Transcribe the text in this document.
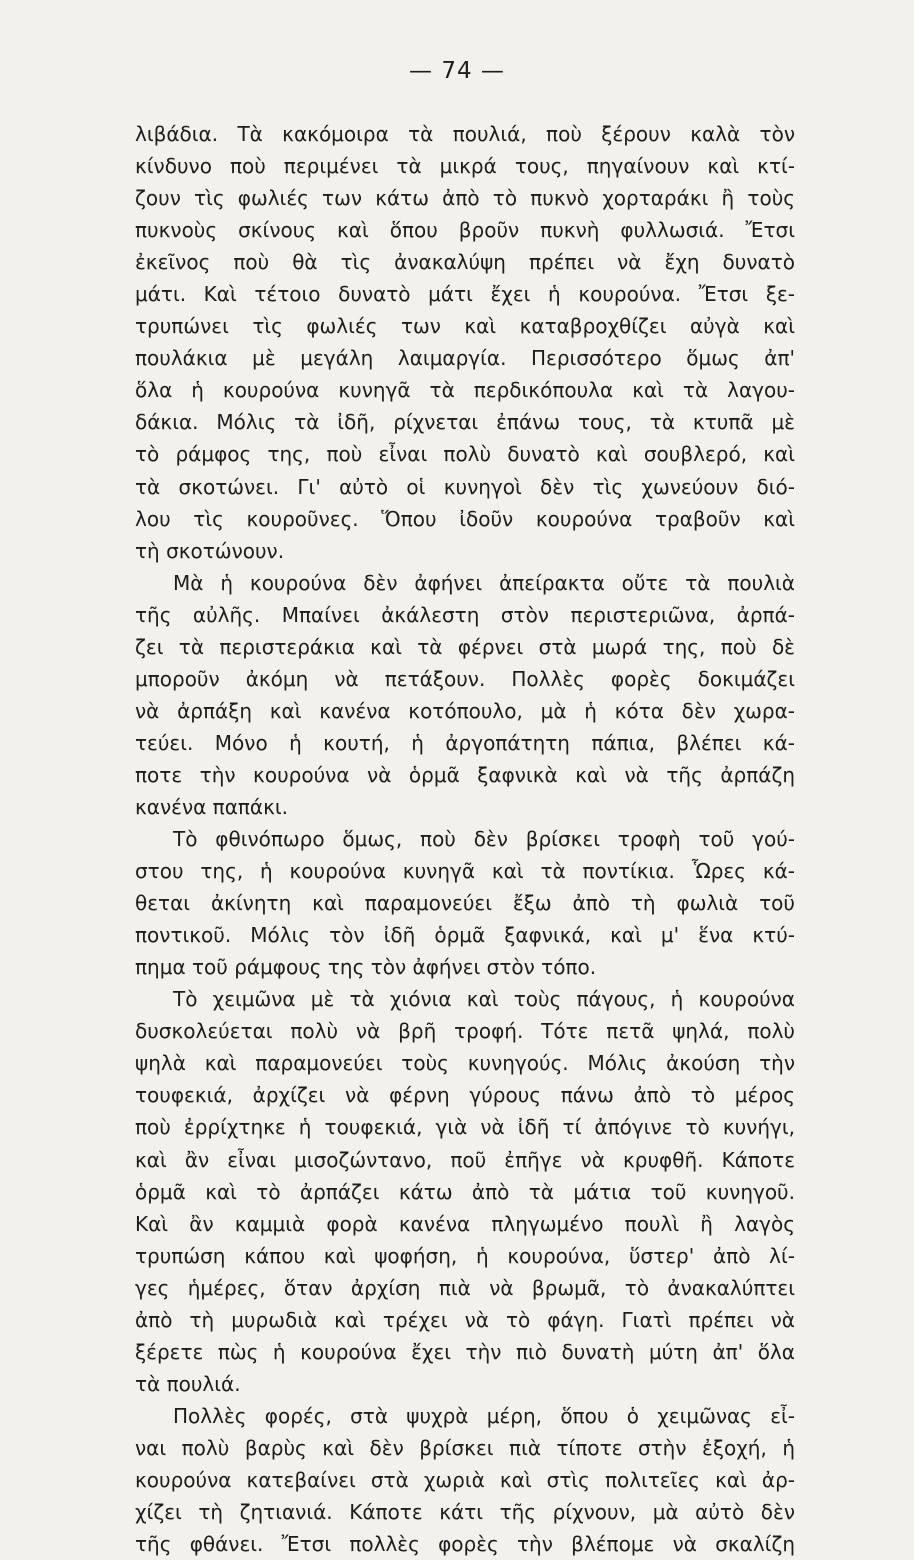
— 74 —
λιβάδια. Τὰ κακόμοιρα τὰ πουλιά, ποὺ ξέρουν καλὰ τὸν
κίνδυνο ποὺ περιμένει τὰ μικρά τους, πηγαίνουν καὶ κτί-
ζουν τὶς φωλιές των κάτω ἀπὸ τὸ πυκνὸ χορταράκι ἢ τοὺς
πυκνοὺς σκίνους καὶ ὅπου βροῦν πυκνὴ φυλλωσιά. Ἔτσι
ἐκεῖνος ποὺ θὰ τὶς ἀνακαλύψη πρέπει νὰ ἔχη δυνατὸ
μάτι. Καὶ τέτοιο δυνατὸ μάτι ἔχει ἡ κουρούνα. Ἔτσι ξε-
τρυπώνει τὶς φωλιές των καὶ καταβροχθίζει αὐγὰ καὶ
πουλάκια μὲ μεγάλη λαιμαργία. Περισσότερο ὅμως ἀπ'
ὅλα ἡ κουρούνα κυνηγᾶ τὰ περδικόπουλα καὶ τὰ λαγου-
δάκια. Μόλις τὰ ἰδῆ, ρίχνεται ἐπάνω τους, τὰ κτυπᾶ μὲ
τὸ ράμφος της, ποὺ εἶναι πολὺ δυνατὸ καὶ σουβλερό, καὶ
τὰ σκοτώνει. Γι' αὐτὸ οἱ κυνηγοὶ δὲν τὶς χωνεύουν διό-
λου τὶς κουροῦνες. Ὅπου ἰδοῦν κουρούνα τραβοῦν καὶ
τὴ σκοτώνουν.
Μὰ ἡ κουρούνα δὲν ἀφήνει ἀπείρακτα οὔτε τὰ πουλιὰ
τῆς αὐλῆς. Μπαίνει ἀκάλεστη στὸν περιστεριῶνα, ἀρπά-
ζει τὰ περιστεράκια καὶ τὰ φέρνει στὰ μωρά της, ποὺ δὲ
μποροῦν ἀκόμη νὰ πετάξουν. Πολλὲς φορὲς δοκιμάζει
νὰ ἀρπάξη καὶ κανένα κοτόπουλο, μὰ ἡ κότα δὲν χωρα-
τεύει. Μόνο ἡ κουτή, ἡ ἀργοπάτητη πάπια, βλέπει κά-
ποτε τὴν κουρούνα νὰ ὁρμᾶ ξαφνικὰ καὶ νὰ τῆς ἀρπάζη
κανένα παπάκι.
Τὸ φθινόπωρο ὅμως, ποὺ δὲν βρίσκει τροφὴ τοῦ γού-
στου της, ἡ κουρούνα κυνηγᾶ καὶ τὰ ποντίκια. Ὧρες κά-
θεται ἀκίνητη καὶ παραμονεύει ἔξω ἀπὸ τὴ φωλιὰ τοῦ
ποντικοῦ. Μόλις τὸν ἰδῆ ὁρμᾶ ξαφνικά, καὶ μ' ἕνα κτύ-
πημα τοῦ ράμφους της τὸν ἀφήνει στὸν τόπο.
Τὸ χειμῶνα μὲ τὰ χιόνια καὶ τοὺς πάγους, ἡ κουρούνα
δυσκολεύεται πολὺ νὰ βρῆ τροφή. Τότε πετᾶ ψηλά, πολὺ
ψηλὰ καὶ παραμονεύει τοὺς κυνηγούς. Μόλις ἀκούση τὴν
τουφεκιά, ἀρχίζει νὰ φέρνη γύρους πάνω ἀπὸ τὸ μέρος
ποὺ ἐρρίχτηκε ἡ τουφεκιά, γιὰ νὰ ἰδῆ τί ἀπόγινε τὸ κυνήγι,
καὶ ἂν εἶναι μισοζώντανο, ποῦ ἐπῆγε νὰ κρυφθῆ. Κάποτε
ὁρμᾶ καὶ τὸ ἀρπάζει κάτω ἀπὸ τὰ μάτια τοῦ κυνηγοῦ.
Καὶ ἂν καμμιὰ φορὰ κανένα πληγωμένο πουλὶ ἢ λαγὸς
τρυπώση κάπου καὶ ψοφήση, ἡ κουρούνα, ὕστερ' ἀπὸ λί-
γες ἡμέρες, ὅταν ἀρχίση πιὰ νὰ βρωμᾶ, τὸ ἀνακαλύπτει
ἀπὸ τὴ μυρωδιὰ καὶ τρέχει νὰ τὸ φάγη. Γιατὶ πρέπει νὰ
ξέρετε πὼς ἡ κουρούνα ἔχει τὴν πιὸ δυνατὴ μύτη ἀπ' ὅλα
τὰ πουλιά.
Πολλὲς φορές, στὰ ψυχρὰ μέρη, ὅπου ὁ χειμῶνας εἶ-
ναι πολὺ βαρὺς καὶ δὲν βρίσκει πιὰ τίποτε στὴν ἐξοχή, ἡ
κουρούνα κατεβαίνει στὰ χωριὰ καὶ στὶς πολιτεῖες καὶ ἀρ-
χίζει τὴ ζητιανιά. Κάποτε κάτι τῆς ρίχνουν, μὰ αὐτὸ δὲν
τῆς φθάνει. Ἔτσι πολλὲς φορὲς τὴν βλέπομε νὰ σκαλίζη
